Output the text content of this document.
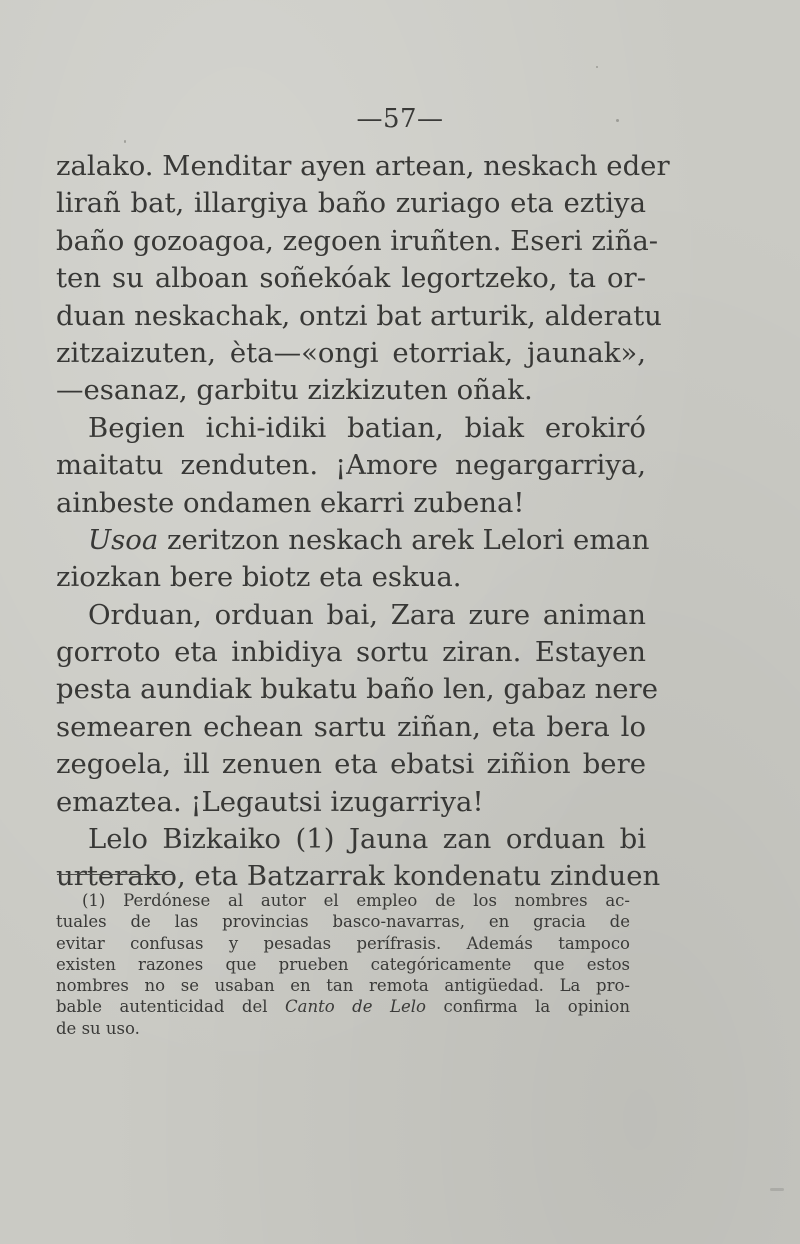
—57—
zalako. Menditar ayen artean, neskach eder
lirañ bat, illargiya baño zuriago eta eztiya
baño gozoagoa, zegoen iruñten. Eseri ziña-
ten su alboan soñekóak legortzeko, ta or-
duan neskachak, ontzi bat arturik, alderatu
zitzaizuten, èta—«ongi etorriak, jaunak»,
—esanaz, garbitu zizkizuten oñak.
Begien ichi-idiki batian, biak erokiró
maitatu zenduten. ¡Amore negargarriya,
ainbeste ondamen ekarri zubena!
Usoa zeritzon neskach arek Lelori eman
ziozkan bere biotz eta eskua.
Orduan, orduan bai, Zara zure animan
gorroto eta inbidiya sortu ziran. Estayen
pesta aundiak bukatu baño len, gabaz nere
semearen echean sartu ziñan, eta bera lo
zegoela, ill zenuen eta ebatsi ziñion bere
emaztea. ¡Legautsi izugarriya!
Lelo Bizkaiko (1) Jauna zan orduan bi
urterako, eta Batzarrak kondenatu zinduen
(1) Perdónese al autor el empleo de los nombres ac-
tuales de las provincias basco-navarras, en gracia de
evitar confusas y pesadas perífrasis. Además tampoco
existen razones que prueben categóricamente que estos
nombres no se usaban en tan remota antigüedad. La pro-
bable autenticidad del Canto de Lelo confirma la opinion
de su uso.
